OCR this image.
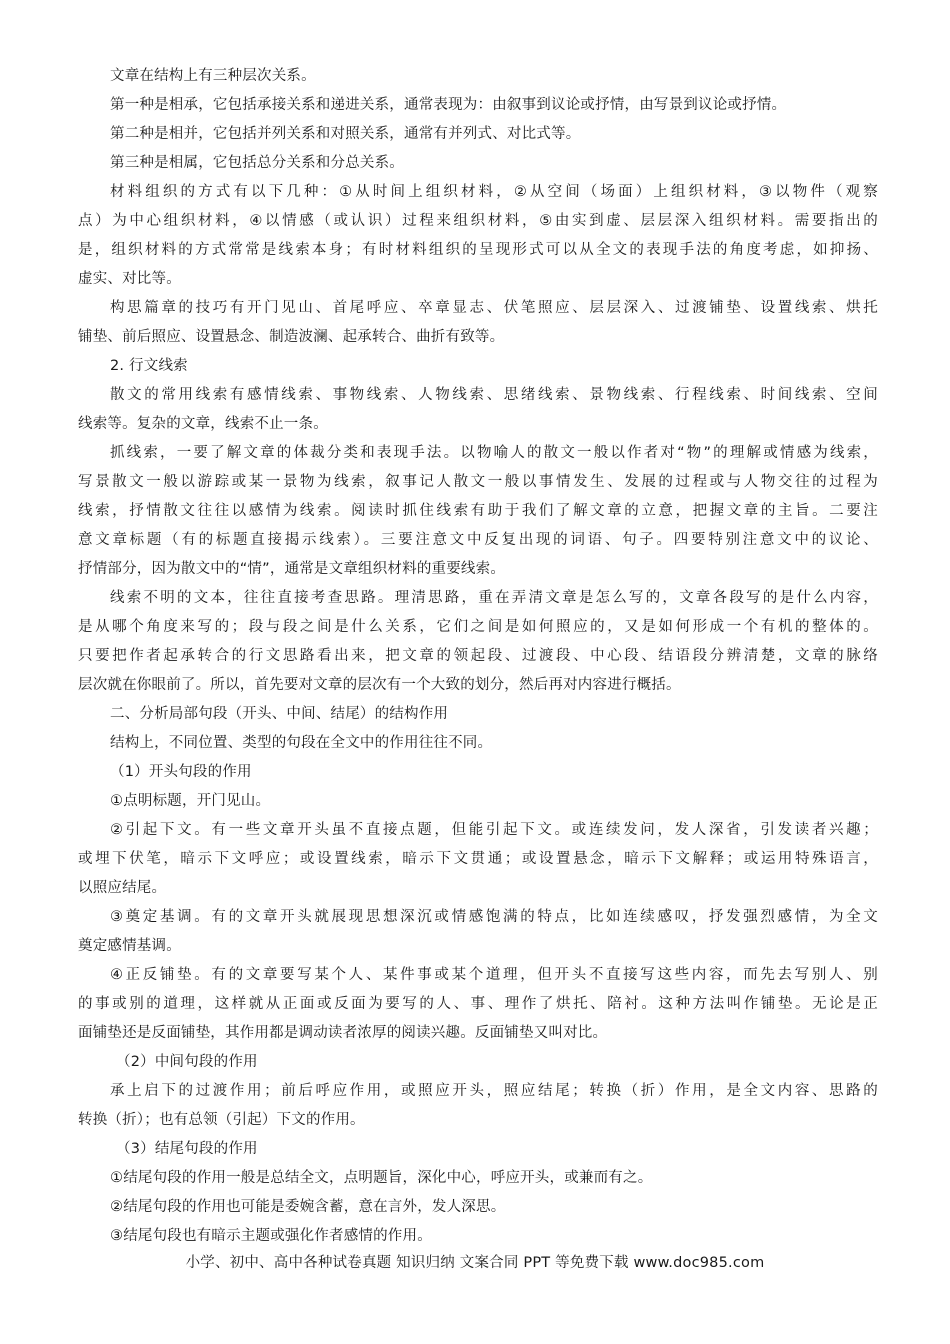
文章在结构上有三种层次关系。
第一种是相承，它包括承接关系和递进关系，通常表现为：由叙事到议论或抒情，由写景到议论或抒情。
第二种是相并，它包括并列关系和对照关系，通常有并列式、对比式等。
第三种是相属，它包括总分关系和分总关系。
材料组织的方式有以下几种：①从时间上组织材料，②从空间（场面）上组织材料，③以物件（观察
点）为中心组织材料，④以情感（或认识）过程来组织材料，⑤由实到虚、层层深入组织材料。需要指出的
是，组织材料的方式常常是线索本身；有时材料组织的呈现形式可以从全文的表现手法的角度考虑，如抑扬、
虚实、对比等。
构思篇章的技巧有开门见山、首尾呼应、卒章显志、伏笔照应、层层深入、过渡铺垫、设置线索、烘托
铺垫、前后照应、设置悬念、制造波澜、起承转合、曲折有致等。
2. 行文线索
散文的常用线索有感情线索、事物线索、人物线索、思绪线索、景物线索、行程线索、时间线索、空间
线索等。复杂的文章，线索不止一条。
抓线索，一要了解文章的体裁分类和表现手法。以物喻人的散文一般以作者对“物”的理解或情感为线索，
写景散文一般以游踪或某一景物为线索，叙事记人散文一般以事情发生、发展的过程或与人物交往的过程为
线索，抒情散文往往以感情为线索。阅读时抓住线索有助于我们了解文章的立意，把握文章的主旨。二要注
意文章标题（有的标题直接揭示线索）。三要注意文中反复出现的词语、句子。四要特别注意文中的议论、
抒情部分，因为散文中的“情”，通常是文章组织材料的重要线索。
线索不明的文本，往往直接考查思路。理清思路，重在弄清文章是怎么写的，文章各段写的是什么内容，
是从哪个角度来写的；段与段之间是什么关系，它们之间是如何照应的，又是如何形成一个有机的整体的。
只要把作者起承转合的行文思路看出来，把文章的领起段、过渡段、中心段、结语段分辨清楚，文章的脉络
层次就在你眼前了。所以，首先要对文章的层次有一个大致的划分，然后再对内容进行概括。
二、分析局部句段（开头、中间、结尾）的结构作用
结构上，不同位置、类型的句段在全文中的作用往往不同。
（1）开头句段的作用
①点明标题，开门见山。
②引起下文。有一些文章开头虽不直接点题，但能引起下文。或连续发问，发人深省，引发读者兴趣；
或埋下伏笔，暗示下文呼应；或设置线索，暗示下文贯通；或设置悬念，暗示下文解释；或运用特殊语言，
以照应结尾。
③奠定基调。有的文章开头就展现思想深沉或情感饱满的特点，比如连续感叹，抒发强烈感情，为全文
奠定感情基调。
④正反铺垫。有的文章要写某个人、某件事或某个道理，但开头不直接写这些内容，而先去写别人、别
的事或别的道理，这样就从正面或反面为要写的人、事、理作了烘托、陪衬。这种方法叫作铺垫。无论是正
面铺垫还是反面铺垫，其作用都是调动读者浓厚的阅读兴趣。反面铺垫又叫对比。
（2）中间句段的作用
承上启下的过渡作用；前后呼应作用，或照应开头，照应结尾；转换（折）作用，是全文内容、思路的
转换（折）；也有总领（引起）下文的作用。
（3）结尾句段的作用
①结尾句段的作用一般是总结全文，点明题旨，深化中心，呼应开头，或兼而有之。
②结尾句段的作用也可能是委婉含蓄，意在言外，发人深思。
③结尾句段也有暗示主题或强化作者感情的作用。
小学、初中、高中各种试卷真题 知识归纳 文案合同 PPT 等免费下载 www.doc985.com
